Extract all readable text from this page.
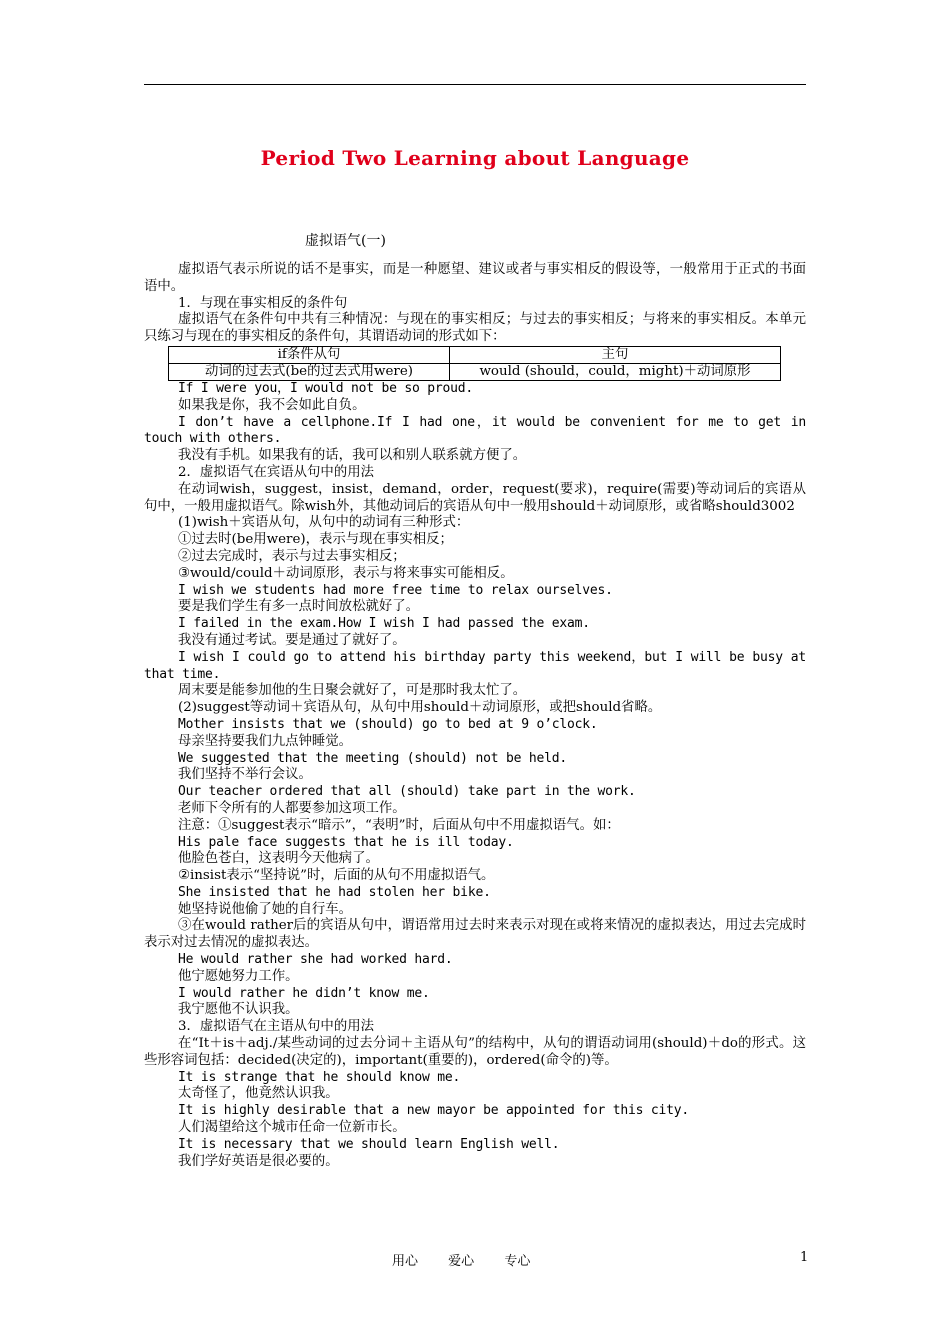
Period Two Learning about Language
虚拟语气(一)

虚拟语气表示所说的话不是事实，而是一种愿望、建议或者与事实相反的假设等，一般常用于正式的书面语中。

1．与现在事实相反的条件句

虚拟语气在条件句中共有三种情况：与现在的事实相反；与过去的事实相反；与将来的事实相反。本单元只练习与现在的事实相反的条件句，其谓语动词的形式如下：

if条件从句	主句
动词的过去式(be的过去式用were)	would (should，could，might)＋动词原形

If I were you，I would not be so proud.

如果我是你，我不会如此自负。

I don’t have a cellphone.If I had one，it would be convenient for me to get in touch with others.

我没有手机。如果我有的话，我可以和别人联系就方便了。

2．虚拟语气在宾语从句中的用法

在动词wish，suggest，insist，demand，order，request(要求)，require(需要)等动词后的宾语从句中，一般用虚拟语气。除wish外，其他动词后的宾语从句中一般用should＋动词原形，或省略should3002

(1)wish＋宾语从句，从句中的动词有三种形式：

①过去时(be用were)，表示与现在事实相反；

②过去完成时，表示与过去事实相反；

③would/could＋动词原形，表示与将来事实可能相反。

I wish we students had more free time to relax ourselves.

要是我们学生有多一点时间放松就好了。

I failed in the exam.How I wish I had passed the exam.

我没有通过考试。要是通过了就好了。

I wish I could go to attend his birthday party this weekend，but I will be busy at that time.

周末要是能参加他的生日聚会就好了，可是那时我太忙了。

(2)suggest等动词＋宾语从句，从句中用should＋动词原形，或把should省略。

Mother insists that we (should) go to bed at 9 o’clock.

母亲坚持要我们九点钟睡觉。

We suggested that the meeting (should) not be held.

我们坚持不举行会议。

Our teacher ordered that all (should) take part in the work.

老师下令所有的人都要参加这项工作。

注意：①suggest表示“暗示”，“表明”时，后面从句中不用虚拟语气。如：

His pale face suggests that he is ill today.

他脸色苍白，这表明今天他病了。

②insist表示“坚持说”时，后面的从句不用虚拟语气。

She insisted that he had stolen her bike.

她坚持说他偷了她的自行车。

③在would rather后的宾语从句中，谓语常用过去时来表示对现在或将来情况的虚拟表达，用过去完成时表示对过去情况的虚拟表达。

He would rather she had worked hard.

他宁愿她努力工作。

I would rather he didn’t know me.

我宁愿他不认识我。

3．虚拟语气在主语从句中的用法

在“It＋is＋adj./某些动词的过去分词＋主语从句”的结构中，从句的谓语动词用(should)＋do的形式。这些形容词包括：decided(决定的)，important(重要的)，ordered(命令的)等。

It is strange that he should know me.

太奇怪了，他竟然认识我。

It is highly desirable that a new mayor be appointed for this city.

人们渴望给这个城市任命一位新市长。

It is necessary that we should learn English well.

我们学好英语是很必要的。

用心 爱心 专心	1
